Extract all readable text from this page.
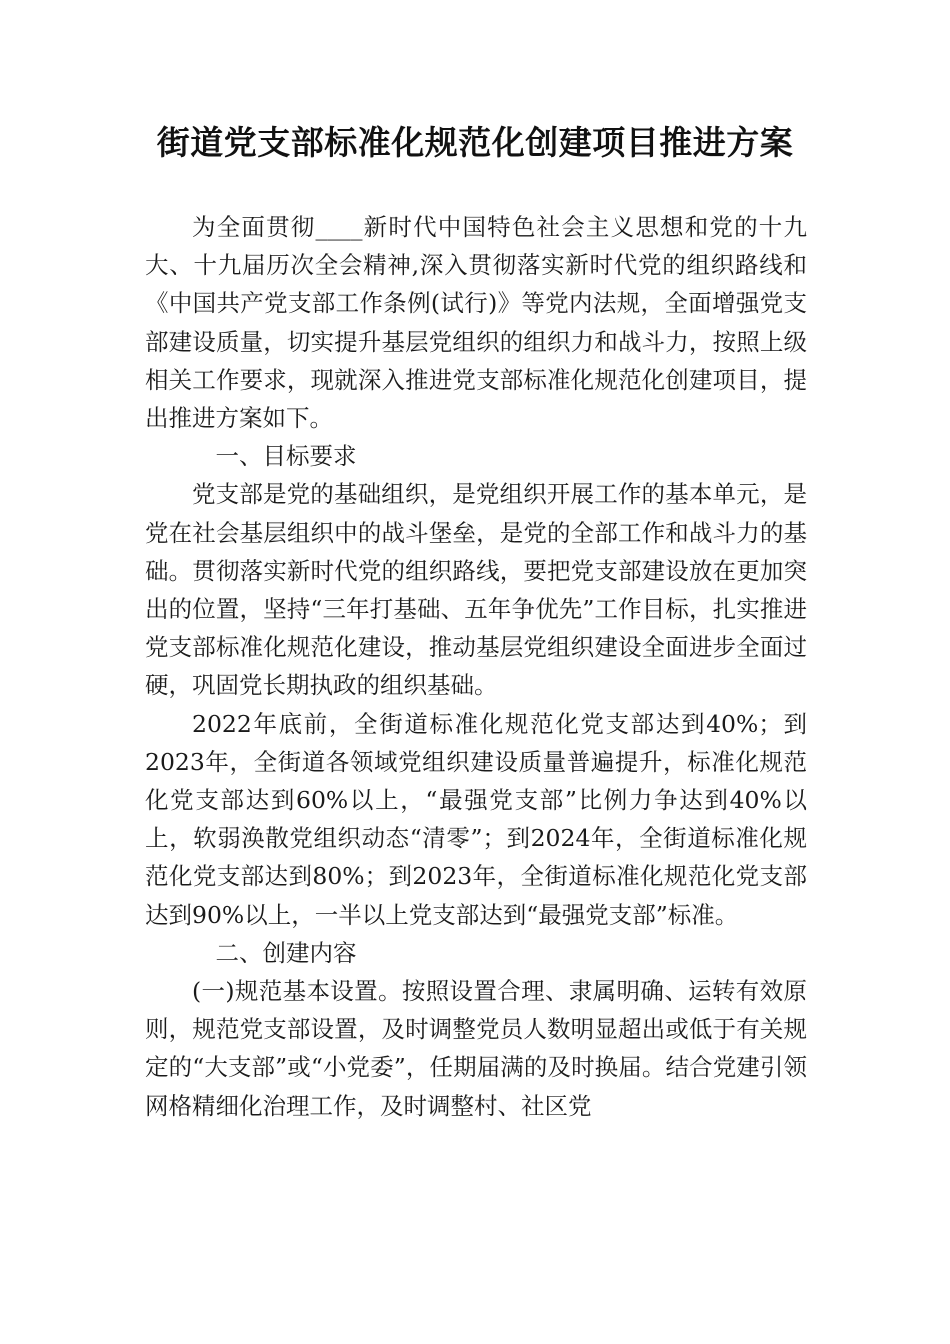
街道党支部标准化规范化创建项目推进方案

为全面贯彻____新时代中国特色社会主义思想和党的十九大、十九届历次全会精神,深入贯彻落实新时代党的组织路线和《中国共产党支部工作条例(试行)》等党内法规，全面增强党支部建设质量，切实提升基层党组织的组织力和战斗力，按照上级相关工作要求，现就深入推进党支部标准化规范化创建项目，提出推进方案如下。

一、目标要求

党支部是党的基础组织，是党组织开展工作的基本单元，是党在社会基层组织中的战斗堡垒，是党的全部工作和战斗力的基础。贯彻落实新时代党的组织路线，要把党支部建设放在更加突出的位置，坚持“三年打基础、五年争优先”工作目标，扎实推进党支部标准化规范化建设，推动基层党组织建设全面进步全面过硬，巩固党长期执政的组织基础。

2022年底前，全街道标准化规范化党支部达到40%；到2023年，全街道各领域党组织建设质量普遍提升，标准化规范化党支部达到60%以上，“最强党支部”比例力争达到40%以上，软弱涣散党组织动态“清零”；到2024年，全街道标准化规范化党支部达到80%；到2023年，全街道标准化规范化党支部达到90%以上，一半以上党支部达到“最强党支部”标准。

二、创建内容

(一)规范基本设置。按照设置合理、隶属明确、运转有效原则，规范党支部设置，及时调整党员人数明显超出或低于有关规定的“大支部”或“小党委”，任期届满的及时换届。结合党建引领网格精细化治理工作，及时调整村、社区党
